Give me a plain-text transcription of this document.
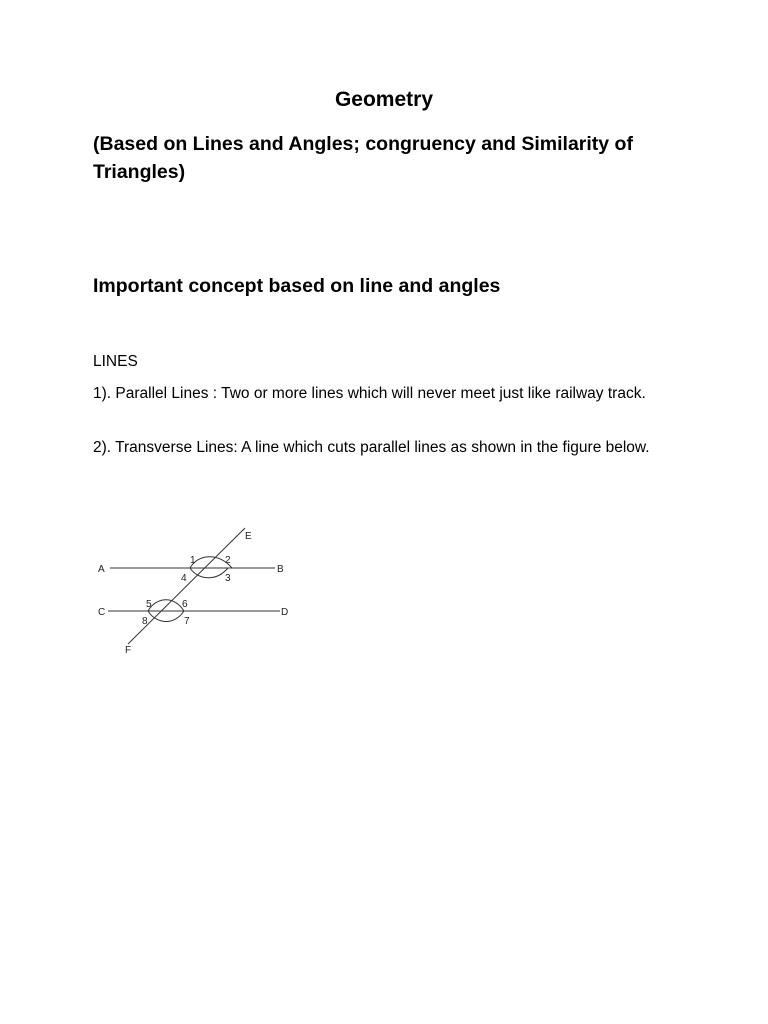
Geometry
(Based on Lines and Angles; congruency and Similarity of Triangles)
Important concept based on line and angles
LINES
1). Parallel Lines : Two or more lines which will never meet just like railway track.
2). Transverse Lines: A line which cuts parallel lines as shown in the figure below.
A	B
C	D
E
F
1	2
3
4
5	6
7
8
